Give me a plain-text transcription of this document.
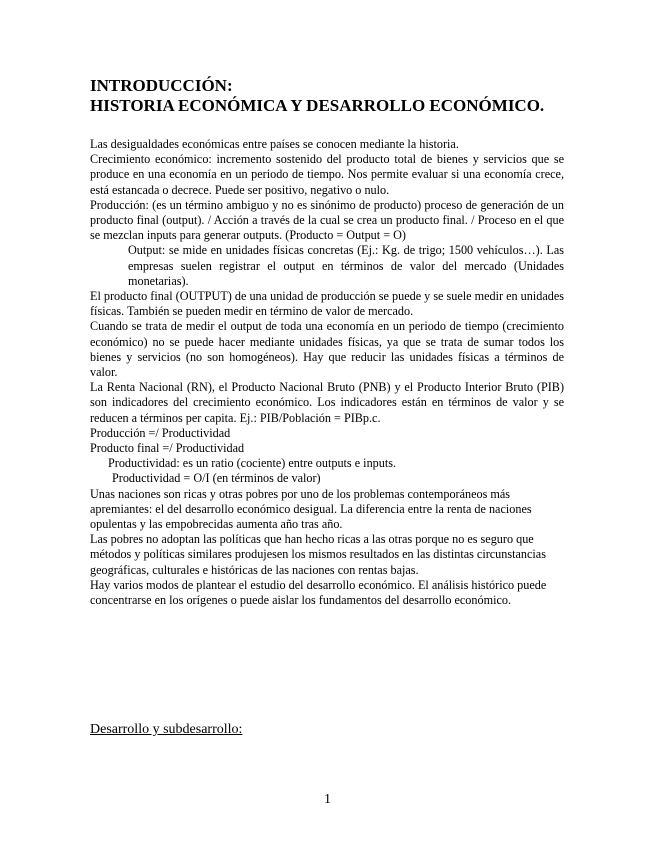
INTRODUCCIÓN:
HISTORIA ECONÓMICA Y DESARROLLO ECONÓMICO.

Las desigualdades económicas entre países se conocen mediante la historia.

Crecimiento económico: incremento sostenido del producto total de bienes y servicios que se produce en una economía en un periodo de tiempo. Nos permite evaluar si una economía crece, está estancada o decrece. Puede ser positivo, negativo o nulo.

Producción: (es un término ambiguo y no es sinónimo de producto) proceso de generación de un producto final (output). / Acción a través de la cual se crea un producto final. / Proceso en el que se mezclan inputs para generar outputs. (Producto = Output = O)

Output: se mide en unidades físicas concretas (Ej.: Kg. de trigo; 1500 vehículos…). Las empresas suelen registrar el output en términos de valor del mercado (Unidades monetarias).

El producto final (OUTPUT) de una unidad de producción se puede y se suele medir en unidades físicas. También se pueden medir en término de valor de mercado.

Cuando se trata de medir el output de toda una economía en un periodo de tiempo (crecimiento económico) no se puede hacer mediante unidades físicas, ya que se trata de sumar todos los bienes y servicios (no son homogéneos). Hay que reducir las unidades físicas a términos de valor.

La Renta Nacional (RN), el Producto Nacional Bruto (PNB) y el Producto Interior Bruto (PIB) son indicadores del crecimiento económico. Los indicadores están en términos de valor y se reducen a términos per capita. Ej.: PIB/Población = PIBp.c.

Producción =/ Productividad

Producto final =/ Productividad

Productividad: es un ratio (cociente) entre outputs e inputs.

Productividad = O/I (en términos de valor)

Unas naciones son ricas y otras pobres por uno de los problemas contemporáneos más apremiantes: el del desarrollo económico desigual. La diferencia entre la renta de naciones opulentas y las empobrecidas aumenta año tras año.

Las pobres no adoptan las políticas que han hecho ricas a las otras porque no es seguro que métodos y políticas similares produjesen los mismos resultados en las distintas circunstancias geográficas, culturales e históricas de las naciones con rentas bajas.

Hay varios modos de plantear el estudio del desarrollo económico. El análisis histórico puede concentrarse en los orígenes o puede aislar los fundamentos del desarrollo económico.

Desarrollo y subdesarrollo:
1
